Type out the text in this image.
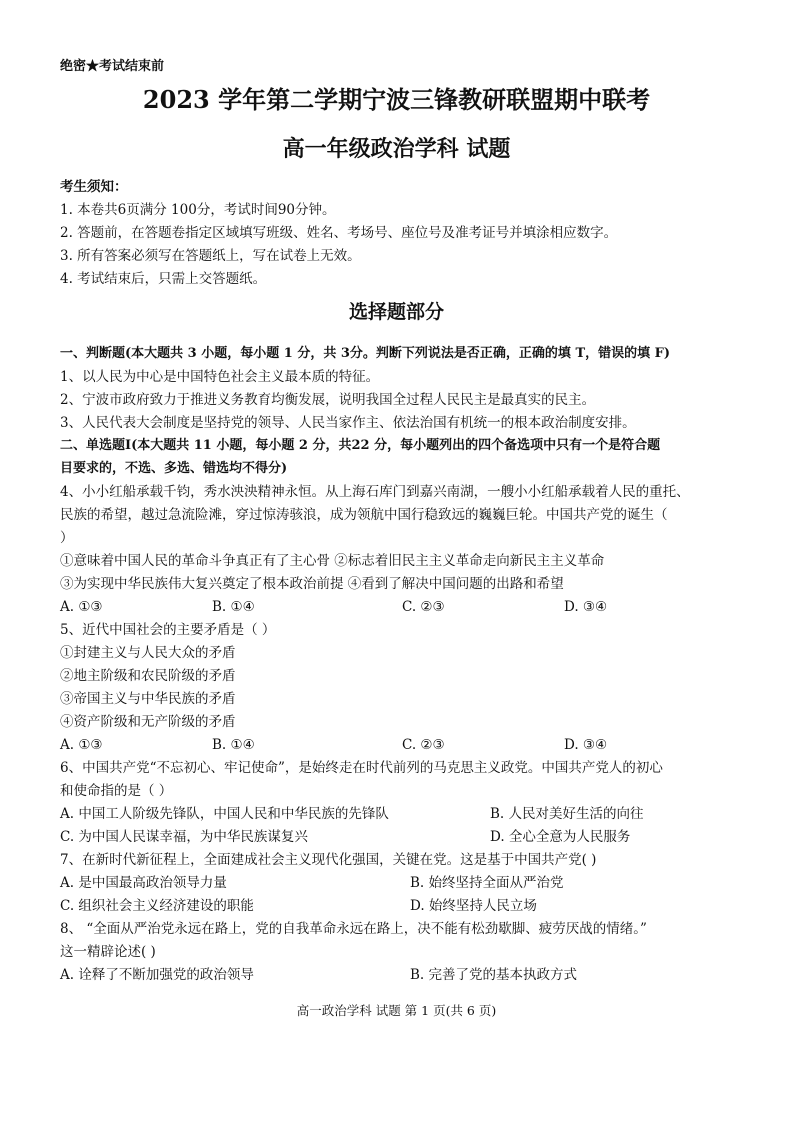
绝密★考试结束前
2023 学年第二学期宁波三锋教研联盟期中联考
高一年级政治学科 试题
考生须知：
1. 本卷共6页满分 100分，考试时间90分钟。
2. 答题前，在答题卷指定区域填写班级、姓名、考场号、座位号及准考证号并填涂相应数字。
3. 所有答案必须写在答题纸上，写在试卷上无效。
4. 考试结束后，只需上交答题纸。
选择题部分
一、判断题(本大题共 3 小题，每小题 1 分，共 3分。判断下列说法是否正确，正确的填 T，错误的填 F)
1、以人民为中心是中国特色社会主义最本质的特征。
2、宁波市政府致力于推进义务教育均衡发展，说明我国全过程人民民主是最真实的民主。
3、人民代表大会制度是坚持党的领导、人民当家作主、依法治国有机统一的根本政治制度安排。
二、单选题Ⅰ(本大题共 11 小题，每小题 2 分，共22 分，每小题列出的四个备选项中只有一个是符合题
目要求的，不选、多选、错选均不得分)
4、小小红船承载千钧，秀水泱泱精神永恒。从上海石库门到嘉兴南湖，一艘小小红船承载着人民的重托、
民族的希望，越过急流险滩，穿过惊涛骇浪，成为领航中国行稳致远的巍巍巨轮。中国共产党的诞生（
）
①意味着中国人民的革命斗争真正有了主心骨 ②标志着旧民主主义革命走向新民主主义革命
③为实现中华民族伟大复兴奠定了根本政治前提 ④看到了解决中国问题的出路和希望
A. ①③	B. ①④	C. ②③	D. ③④
5、近代中国社会的主要矛盾是（ ）
①封建主义与人民大众的矛盾
②地主阶级和农民阶级的矛盾
③帝国主义与中华民族的矛盾
④资产阶级和无产阶级的矛盾
A. ①③	B. ①④	C. ②③	D. ③④
6、中国共产党“不忘初心、牢记使命”，是始终走在时代前列的马克思主义政党。中国共产党人的初心
和使命指的是（ ）
A. 中国工人阶级先锋队，中国人民和中华民族的先锋队	B. 人民对美好生活的向往
C. 为中国人民谋幸福，为中华民族谋复兴	D. 全心全意为人民服务
7、在新时代新征程上，全面建成社会主义现代化强国，关键在党。这是基于中国共产党( )
A. 是中国最高政治领导力量	B. 始终坚持全面从严治党
C. 组织社会主义经济建设的职能	D. 始终坚持人民立场
8、 “全面从严治党永远在路上，党的自我革命永远在路上，决不能有松劲歇脚、疲劳厌战的情绪。”
这一精辟论述( )
A. 诠释了不断加强党的政治领导	B. 完善了党的基本执政方式
高一政治学科 试题 第 1 页(共 6 页)
